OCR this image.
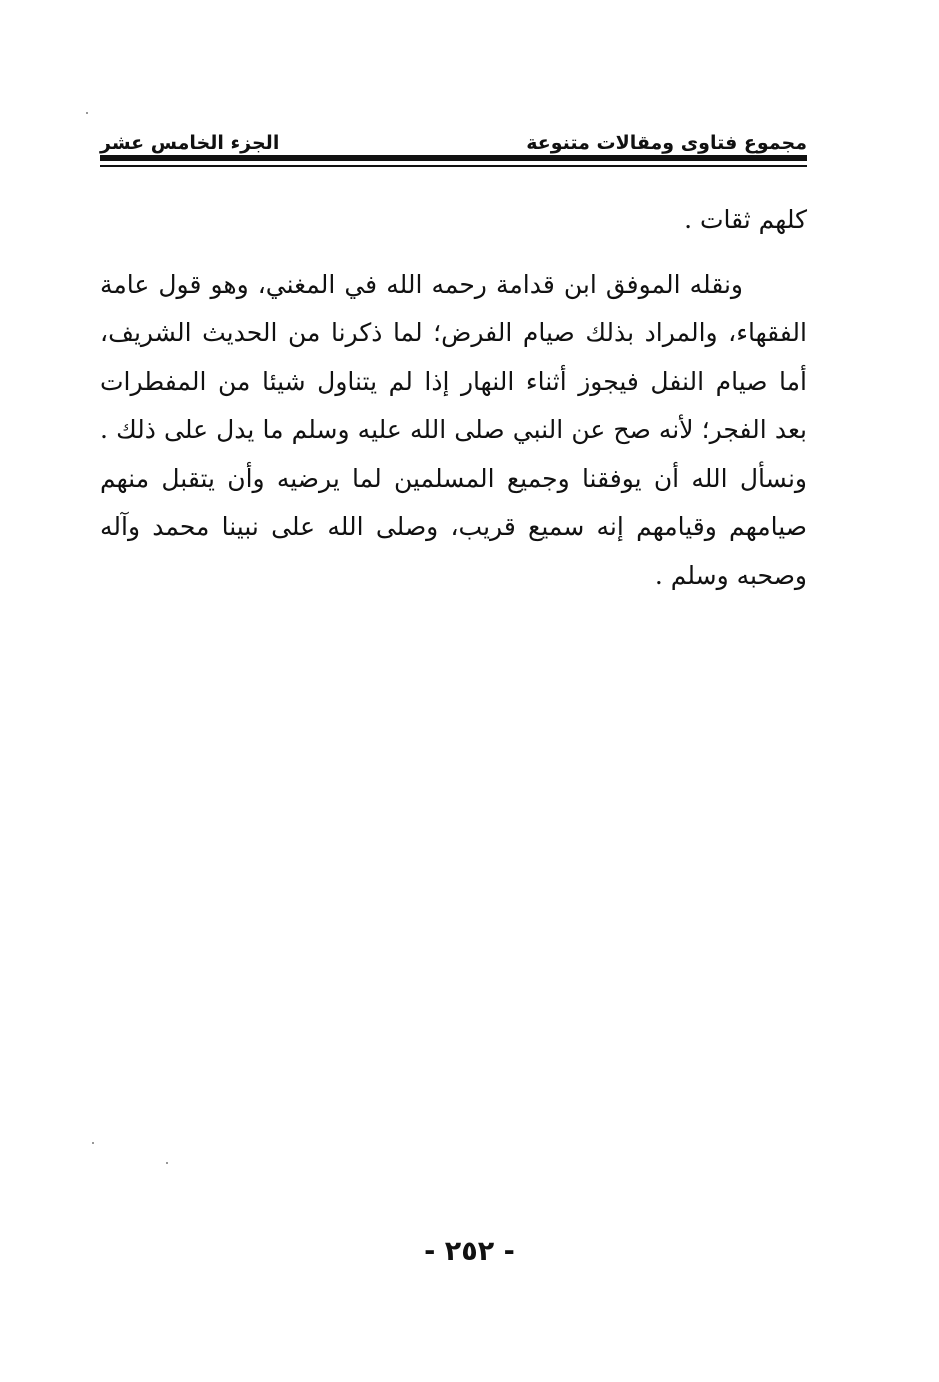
مجموع فتاوى ومقالات متنوعة
الجزء الخامس عشر

كلهم ثقات .

ونقله الموفق ابن قدامة رحمه الله في المغني، وهو قول عامة الفقهاء، والمراد بذلك صيام الفرض؛ لما ذكرنا من الحديث الشريف، أما صيام النفل فيجوز أثناء النهار إذا لم يتناول شيئا من المفطرات بعد الفجر؛ لأنه صح عن النبي صلى الله عليه وسلم ما يدل على ذلك . ونسأل الله أن يوفقنا وجميع المسلمين لما يرضيه وأن يتقبل منهم صيامهم وقيامهم إنه سميع قريب، وصلى الله على نبينا محمد وآله وصحبه وسلم .

- ٢٥٢ -
